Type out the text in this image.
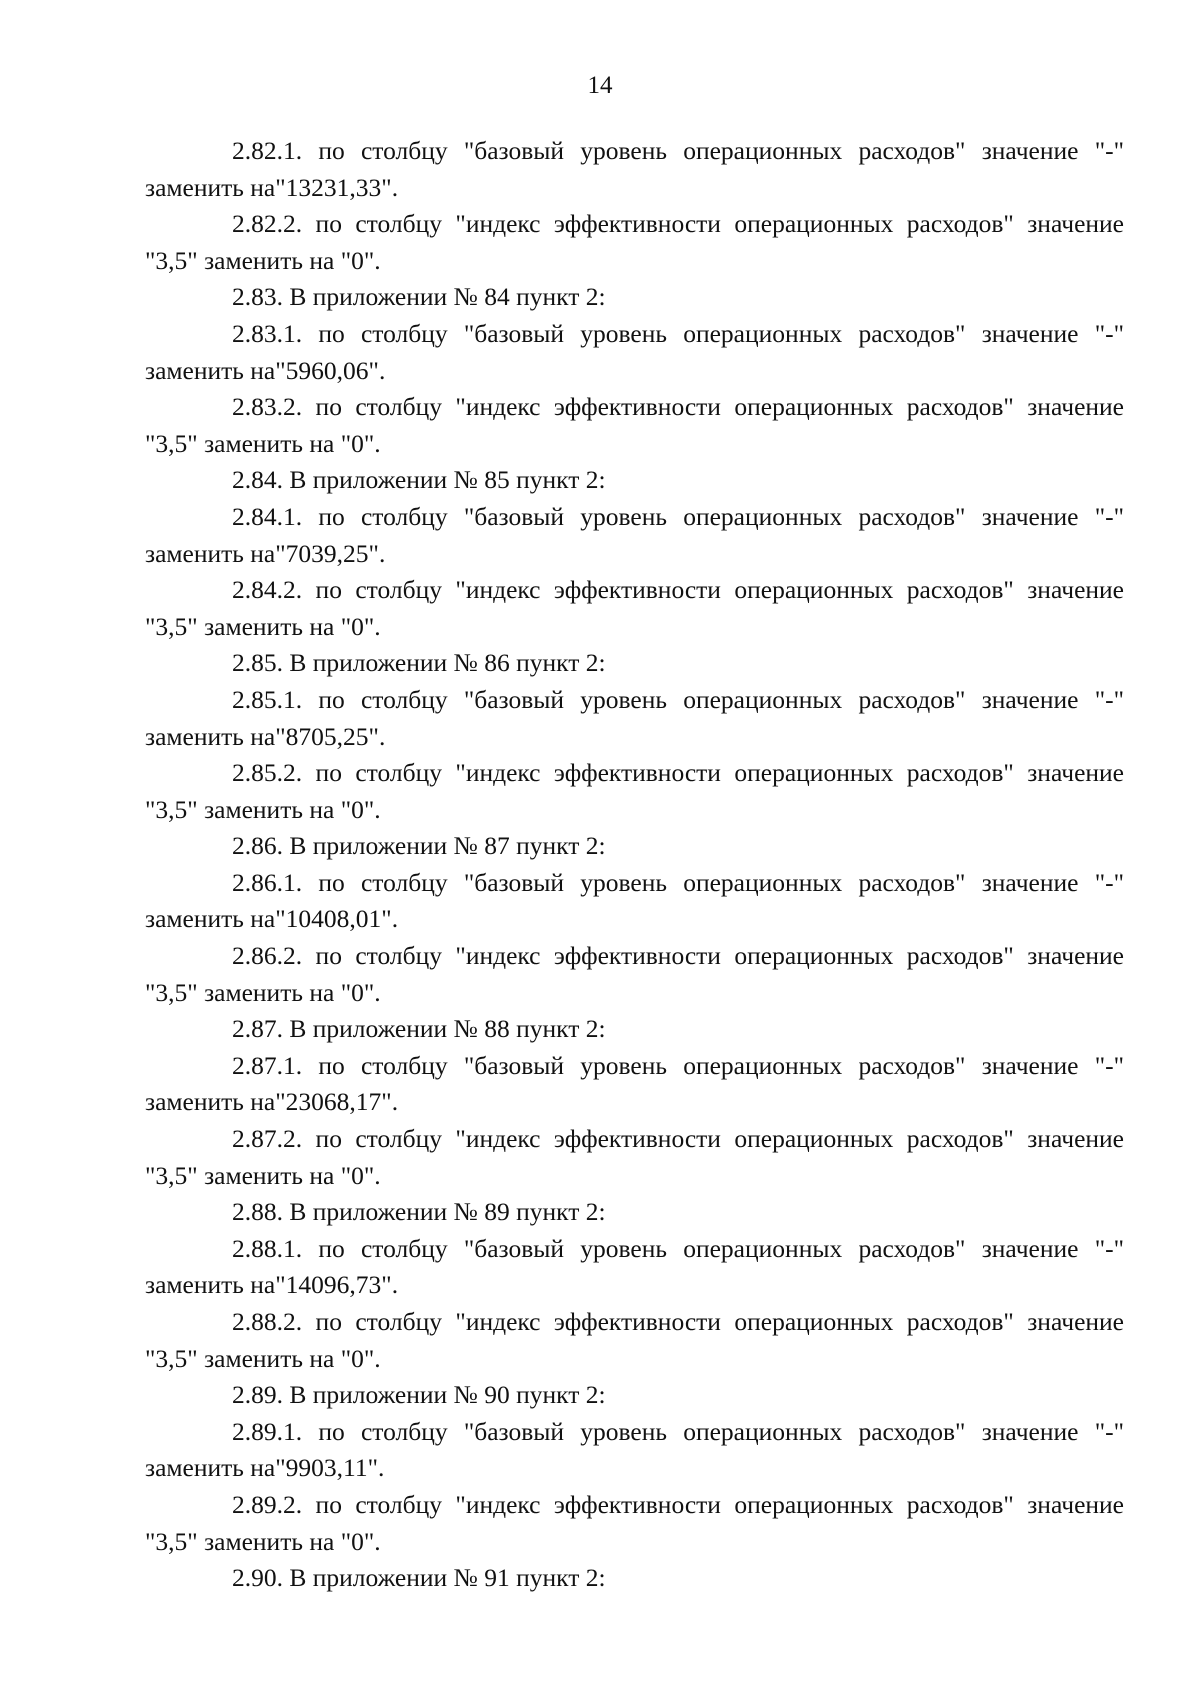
14

2.82.1. по столбцу "базовый уровень операционных расходов" значение "-" заменить на"13231,33".

2.82.2. по столбцу "индекс эффективности операционных расходов" значение "3,5" заменить на "0".

2.83. В приложении № 84 пункт 2:

2.83.1. по столбцу "базовый уровень операционных расходов" значение "-" заменить на"5960,06".

2.83.2. по столбцу "индекс эффективности операционных расходов" значение "3,5" заменить на "0".

2.84. В приложении № 85 пункт 2:

2.84.1. по столбцу "базовый уровень операционных расходов" значение "-" заменить на"7039,25".

2.84.2. по столбцу "индекс эффективности операционных расходов" значение "3,5" заменить на "0".

2.85. В приложении № 86 пункт 2:

2.85.1. по столбцу "базовый уровень операционных расходов" значение "-" заменить на"8705,25".

2.85.2. по столбцу "индекс эффективности операционных расходов" значение "3,5" заменить на "0".

2.86. В приложении № 87 пункт 2:

2.86.1. по столбцу "базовый уровень операционных расходов" значение "-" заменить на"10408,01".

2.86.2. по столбцу "индекс эффективности операционных расходов" значение "3,5" заменить на "0".

2.87. В приложении № 88 пункт 2:

2.87.1. по столбцу "базовый уровень операционных расходов" значение "-" заменить на"23068,17".

2.87.2. по столбцу "индекс эффективности операционных расходов" значение "3,5" заменить на "0".

2.88. В приложении № 89 пункт 2:

2.88.1. по столбцу "базовый уровень операционных расходов" значение "-" заменить на"14096,73".

2.88.2. по столбцу "индекс эффективности операционных расходов" значение "3,5" заменить на "0".

2.89. В приложении № 90 пункт 2:

2.89.1. по столбцу "базовый уровень операционных расходов" значение "-" заменить на"9903,11".

2.89.2. по столбцу "индекс эффективности операционных расходов" значение "3,5" заменить на "0".

2.90. В приложении № 91 пункт 2:
